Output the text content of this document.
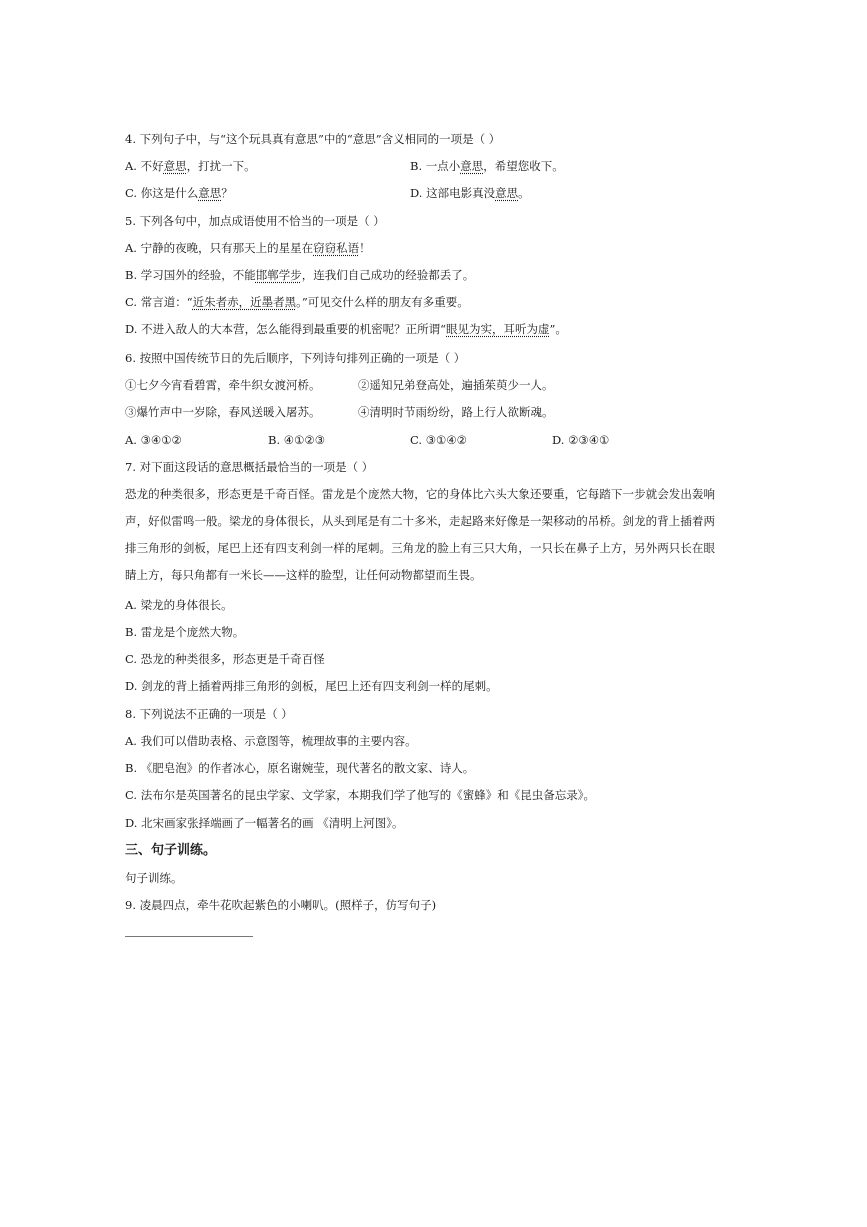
4. 下列句子中，与“这个玩具真有意思”中的“意思”含义相同的一项是（ ）
A. 不好意思，打扰一下。	B. 一点小意思，希望您收下。
C. 你这是什么意思？	D. 这部电影真没意思。
5. 下列各句中，加点成语使用不恰当的一项是（ ）
A. 宁静的夜晚，只有那天上的星星在窃窃私语！
B. 学习国外的经验，不能邯郸学步，连我们自己成功的经验都丢了。
C. 常言道：“近朱者赤，近墨者黑。”可见交什么样的朋友有多重要。
D. 不进入敌人的大本营，怎么能得到最重要的机密呢？正所谓“眼见为实，耳听为虚”。
6. 按照中国传统节日的先后顺序，下列诗句排列正确的一项是（ ）
①七夕今宵看碧霄，牵牛织女渡河桥。	②遥知兄弟登高处，遍插茱萸少一人。
③爆竹声中一岁除，春风送暖入屠苏。	④清明时节雨纷纷，路上行人欲断魂。
A. ③④①②	B. ④①②③	C. ③①④②	D. ②③④①
7. 对下面这段话的意思概括最恰当的一项是（ ）
恐龙的种类很多，形态更是千奇百怪。雷龙是个庞然大物，它的身体比六头大象还要重，它每踏下一步就会发出轰响声，好似雷鸣一般。梁龙的身体很长，从头到尾是有二十多米，走起路来好像是一架移动的吊桥。剑龙的背上插着两排三角形的剑板，尾巴上还有四支利剑一样的尾刺。三角龙的脸上有三只大角，一只长在鼻子上方，另外两只长在眼睛上方，每只角都有一米长——这样的脸型，让任何动物都望而生畏。
A. 梁龙的身体很长。
B. 雷龙是个庞然大物。
C. 恐龙的种类很多，形态更是千奇百怪
D. 剑龙的背上插着两排三角形的剑板，尾巴上还有四支利剑一样的尾刺。
8. 下列说法不正确的一项是（ ）
A. 我们可以借助表格、示意图等，梳理故事的主要内容。
B. 《肥皂泡》的作者冰心，原名谢婉莹，现代著名的散文家、诗人。
C. 法布尔是英国著名的昆虫学家、文学家，本期我们学了他写的《蜜蜂》和《昆虫备忘录》。
D. 北宋画家张择端画了一幅著名的画 《清明上河图》。
三、句子训练。
句子训练。
9. 凌晨四点，牵牛花吹起紫色的小喇叭。(照样子，仿写句子)
